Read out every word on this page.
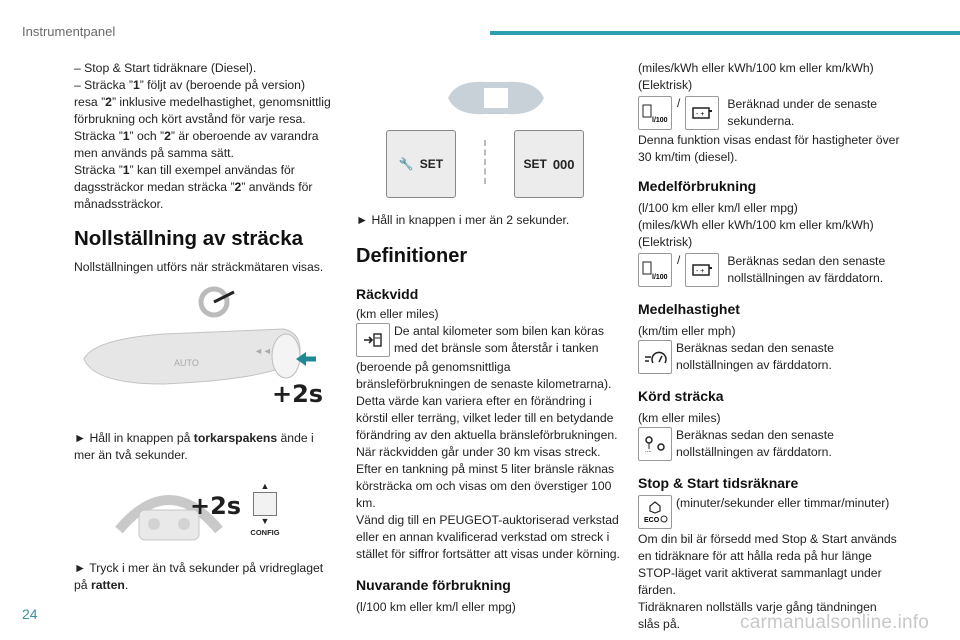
Instrumentpanel

– Stop & Start tidräknare (Diesel).

– Sträcka ”1” följt av (beroende på version)

resa ”2” inklusive medelhastighet, genomsnittlig

förbrukning och kört avstånd för varje resa.

Sträcka ”1” och ”2” är oberoende av varandra

men används på samma sätt.

Sträcka ”1” kan till exempel användas för

dagssträckor medan sträcka ”2” används för

månadssträckor.

Nollställning av sträcka

Nollställningen utförs när sträckmätaren visas.

AUTO
◄◄
+2s

► Håll in knappen på torkarspakens ände i

mer än två sekunder.

+2s
▲
▼
CONFIG

► Tryck i mer än två sekunder på vridreglaget

på ratten.

🔧 SET	SET 000

► Håll in knappen i mer än 2 sekunder.

Definitioner
Räckvidd

(km eller miles)

De antal kilometer som bilen kan köras

med det bränsle som återstår i tanken

(beroende på genomsnittliga

bränsleförbrukningen de senaste kilometrarna).

Detta värde kan variera efter en förändring i

körstil eller terräng, vilket leder till en betydande

förändring av den aktuella bränsleförbrukningen.

När räckvidden går under 30 km visas streck.

Efter en tankning på minst 5 liter bränsle räknas

körsträcka om och visas om den överstiger 100

km.

Vänd dig till en PEUGEOT-auktoriserad verkstad

eller en annan kvalificerad verkstad om streck i

stället för siffror fortsätter att visas under körning.

Nuvarande förbrukning

(l/100 km eller km/l eller mpg)

(miles/kWh eller kWh/100 km eller km/kWh)

(Elektrisk)

l/100
/
- +

Beräknad under de senaste

sekunderna.

Denna funktion visas endast för hastigheter över

30 km/tim (diesel).

Medelförbrukning

(l/100 km eller km/l eller mpg)

(miles/kWh eller kWh/100 km eller km/kWh)

(Elektrisk)

l/100
/
- +

Beräknas sedan den senaste

nollställningen av färddatorn.

Medelhastighet

(km/tim eller mph)

Beräknas sedan den senaste

nollställningen av färddatorn.

Körd sträcka

(km eller miles)

....

Beräknas sedan den senaste

nollställningen av färddatorn.

Stop & Start tidsräknare
ECO

(minuter/sekunder eller timmar/minuter)

Om din bil är försedd med Stop & Start används

en tidräknare för att hålla reda på hur länge

STOP-läget varit aktiverat sammanlagt under

färden.

Tidräknaren nollställs varje gång tändningen

slås på.

24	carmanualsonline.info
